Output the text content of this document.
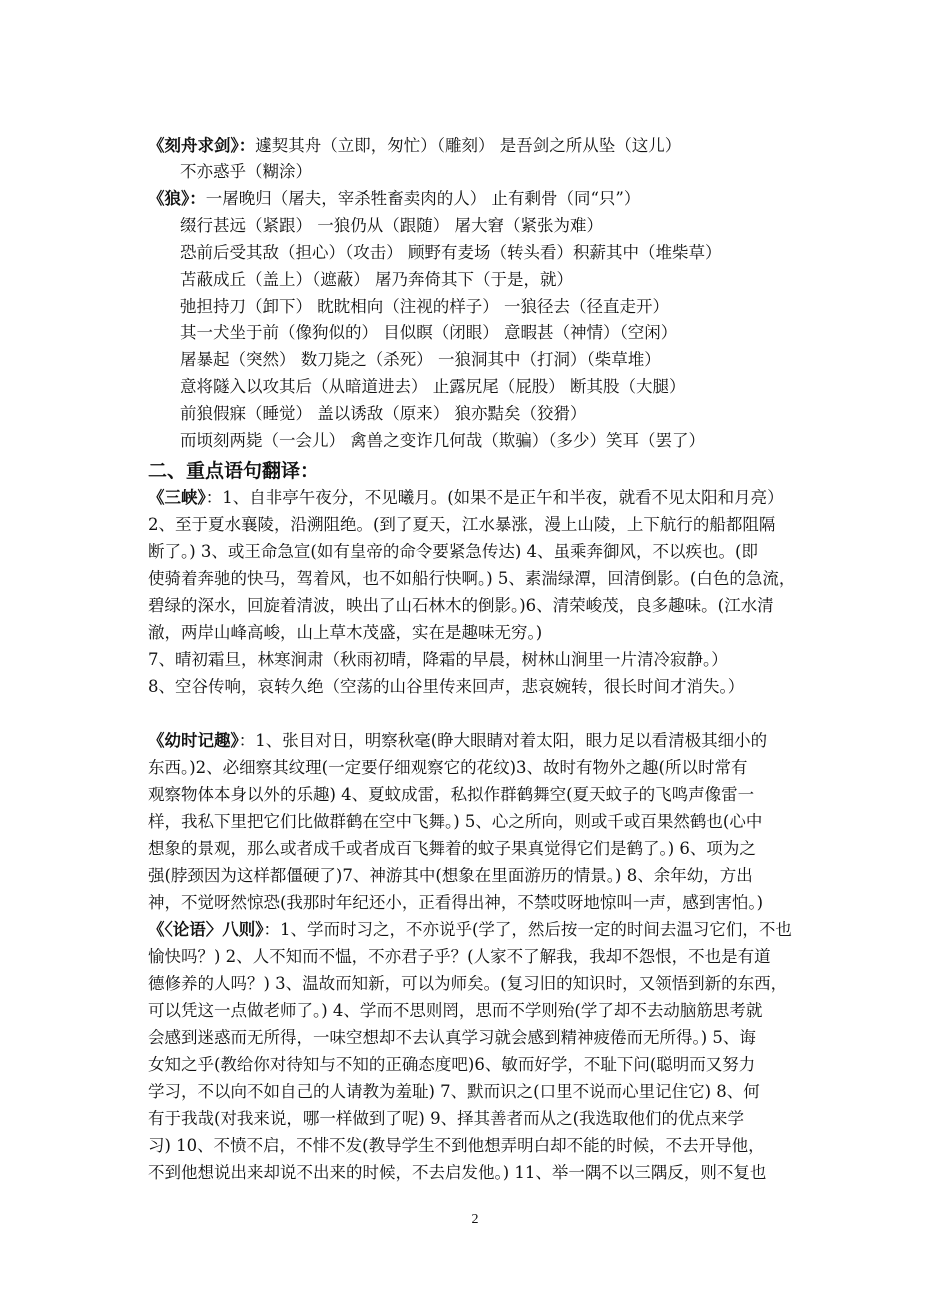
《刻舟求剑》：遽契其舟（立即，匆忙）（雕刻） 是吾剑之所从坠（这儿）
不亦惑乎（糊涂）
《狼》：一屠晚归（屠夫，宰杀牲畜卖肉的人） 止有剩骨（同“只”）
缀行甚远（紧跟） 一狼仍从（跟随） 屠大窘（紧张为难）
恐前后受其敌（担心）（攻击） 顾野有麦场（转头看）积薪其中（堆柴草）
苫蔽成丘（盖上）（遮蔽） 屠乃奔倚其下（于是，就）
弛担持刀（卸下） 眈眈相向（注视的样子） 一狼径去（径直走开）
其一犬坐于前（像狗似的） 目似瞑（闭眼） 意暇甚（神情）（空闲）
屠暴起（突然） 数刀毙之（杀死） 一狼洞其中（打洞）（柴草堆）
意将隧入以攻其后（从暗道进去） 止露尻尾（屁股） 断其股（大腿）
前狼假寐（睡觉） 盖以诱敌（原来） 狼亦黠矣（狡猾）
而顷刻两毙（一会儿） 禽兽之变诈几何哉（欺骗）（多少）笑耳（罢了）
二、重点语句翻译：
《三峡》：1、自非亭午夜分，不见曦月。(如果不是正午和半夜，就看不见太阳和月亮）
2、至于夏水襄陵，沿溯阻绝。(到了夏天，江水暴涨，漫上山陵，上下航行的船都阻隔
断了。) 3、或王命急宣(如有皇帝的命令要紧急传达) 4、虽乘奔御风，不以疾也。(即
使骑着奔驰的快马，驾着风，也不如船行快啊。) 5、素湍绿潭，回清倒影。(白色的急流，
碧绿的深水，回旋着清波，映出了山石林木的倒影。)6、清荣峻茂，良多趣味。(江水清
澈，两岸山峰高峻，山上草木茂盛，实在是趣味无穷。)
7、晴初霜旦，林寒涧肃（秋雨初晴，降霜的早晨，树林山涧里一片清冷寂静。）
8、空谷传响，哀转久绝（空荡的山谷里传来回声，悲哀婉转，很长时间才消失。）
《幼时记趣》：1、张目对日，明察秋毫(睁大眼睛对着太阳，眼力足以看清极其细小的
东西。)2、必细察其纹理(一定要仔细观察它的花纹)3、故时有物外之趣(所以时常有
观察物体本身以外的乐趣) 4、夏蚊成雷，私拟作群鹤舞空(夏天蚊子的飞鸣声像雷一
样，我私下里把它们比做群鹤在空中飞舞。) 5、心之所向，则或千或百果然鹤也(心中
想象的景观，那么或者成千或者成百飞舞着的蚊子果真觉得它们是鹤了。) 6、项为之
强(脖颈因为这样都僵硬了)7、神游其中(想象在里面游历的情景。) 8、余年幼，方出
神，不觉呀然惊恐(我那时年纪还小，正看得出神，不禁哎呀地惊叫一声，感到害怕。)
《〈论语〉八则》：1、学而时习之，不亦说乎(学了，然后按一定的时间去温习它们，不也
愉快吗？) 2、人不知而不愠，不亦君子乎？(人家不了解我，我却不怨恨，不也是有道
德修养的人吗？) 3、温故而知新，可以为师矣。(复习旧的知识时，又领悟到新的东西，
可以凭这一点做老师了。) 4、学而不思则罔，思而不学则殆(学了却不去动脑筋思考就
会感到迷惑而无所得，一味空想却不去认真学习就会感到精神疲倦而无所得。) 5、诲
女知之乎(教给你对待知与不知的正确态度吧)6、敏而好学，不耻下问(聪明而又努力
学习，不以向不如自己的人请教为羞耻) 7、默而识之(口里不说而心里记住它) 8、何
有于我哉(对我来说，哪一样做到了呢) 9、择其善者而从之(我选取他们的优点来学
习) 10、不愤不启，不悱不发(教导学生不到他想弄明白却不能的时候，不去开导他，
不到他想说出来却说不出来的时候，不去启发他。) 11、举一隅不以三隅反，则不复也
2
